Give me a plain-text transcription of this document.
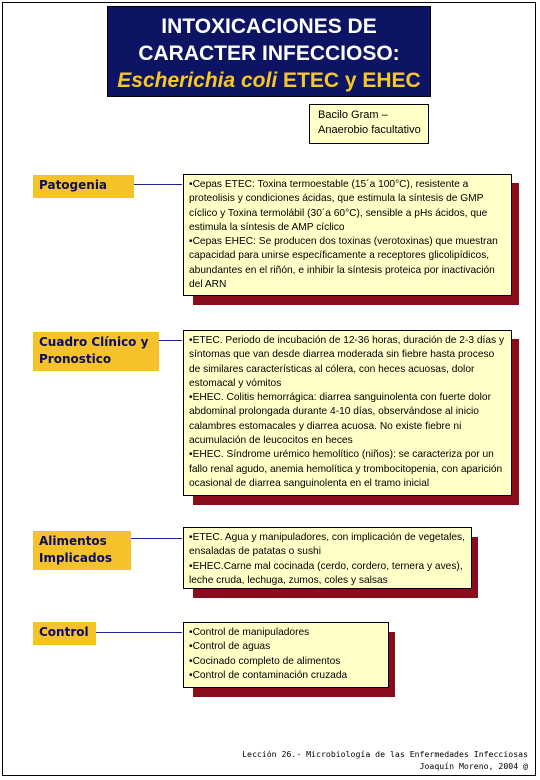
INTOXICACIONES DE
CARACTER INFECCIOSO:
Escherichia coli ETEC y EHEC
Bacilo Gram –
Anaerobio facultativo
Patogenia	•Cepas ETEC: Toxina termoestable (15´a 100°C), resistente a proteolisis y condiciones ácidas, que estimula la síntesis de GMP cíclico y Toxina termolábil (30´a 60°C), sensible a pHs ácidos, que estimula la síntesis de AMP cíclico

•Cepas EHEC: Se producen dos toxinas (verotoxinas) que muestran capacidad para unirse específicamente a receptores glicolipídicos, abundantes en el riñón, e inhibir la síntesis proteica por inactivación del ARN

Cuadro Clínico y
Pronostico

•ETEC. Periodo de incubación de 12-36 horas, duración de 2-3 días y síntomas que van desde diarrea moderada sin fiebre hasta proceso de similares características al cólera, con heces acuosas, dolor estomacal y vómitos

•EHEC. Colitis hemorrágica: diarrea sanguinolenta con fuerte dolor abdominal prolongada durante 4-10 días, observándose al inicio calambres estomacales y diarrea acuosa. No existe fiebre ni acumulación de leucocitos en heces

•EHEC. Síndrome urémico hemolítico (niños): se caracteriza por un fallo renal agudo, anemia hemolítica y trombocitopenia, con aparición ocasional de diarrea sanguinolenta en el tramo inicial

Alimentos
Implicados

•ETEC. Agua y manipuladores, con implicación de vegetales, ensaladas de patatas o sushi

•EHEC.Carne mal cocinada (cerdo, cordero, ternera y aves), leche cruda, lechuga, zumos, coles y salsas

Control	•Control de manipuladores

•Control de aguas

•Cocinado completo de alimentos

•Control de contaminación cruzada

Lección 26.- Microbiología de las Enfermedades Infecciosas
Joaquín Moreno, 2004 @
